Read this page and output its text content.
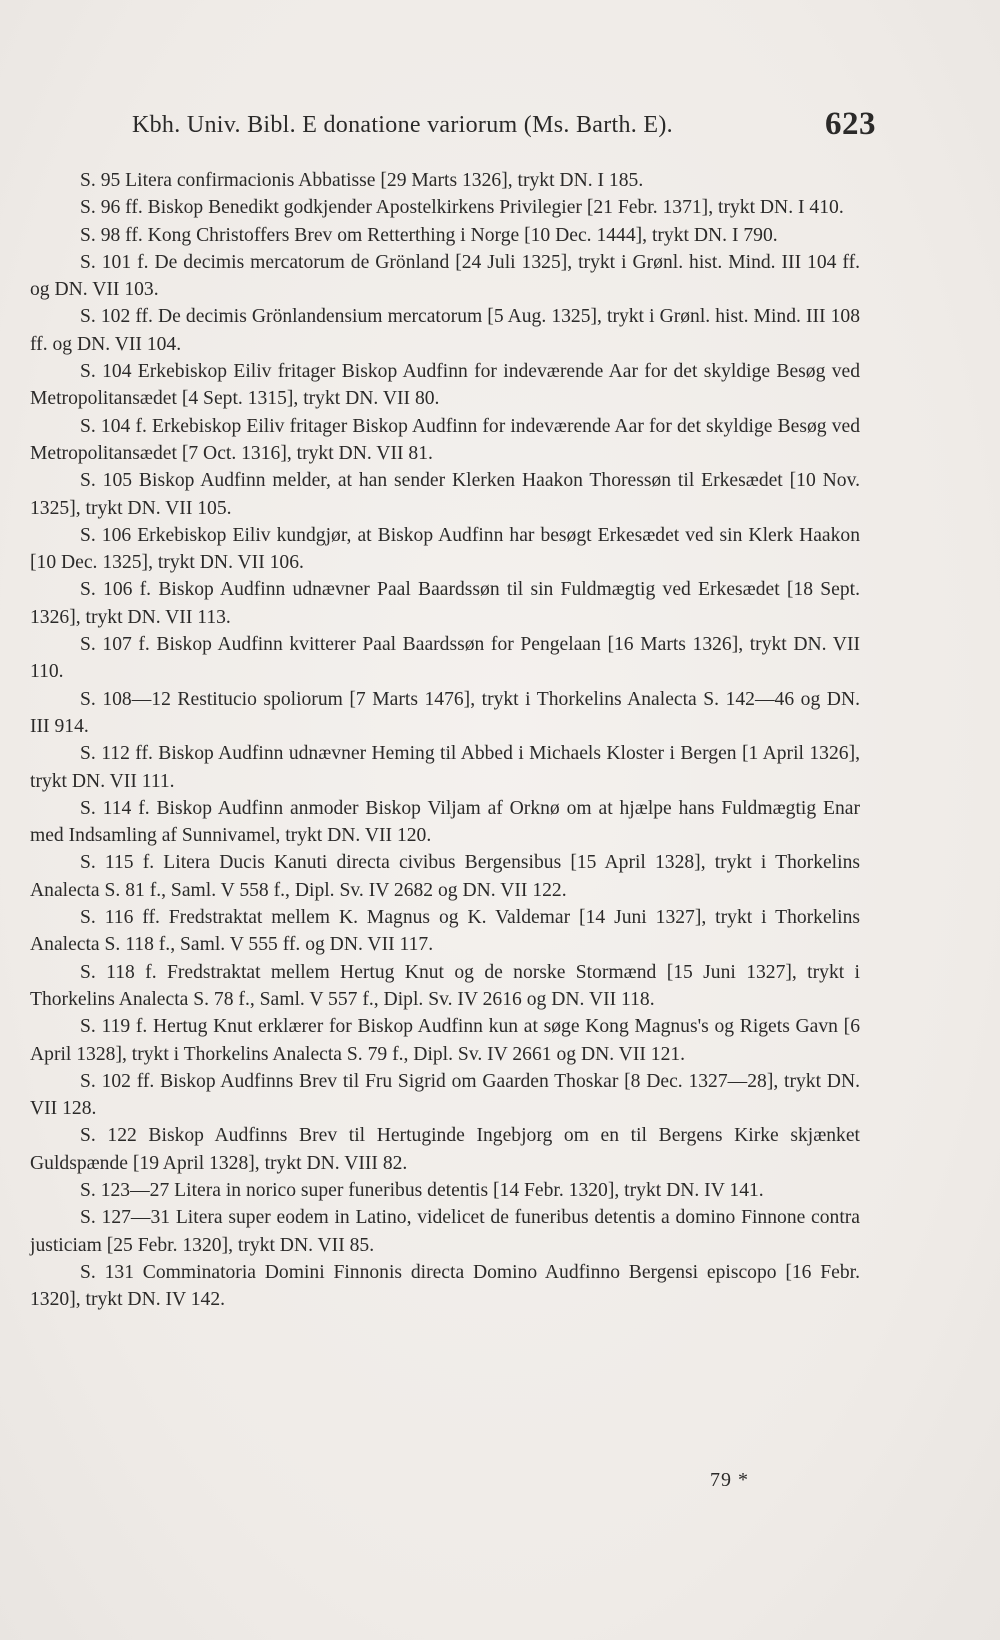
Kbh. Univ. Bibl. E donatione variorum (Ms. Barth. E).	623

S. 95 Litera confirmacionis Abbatisse [29 Marts 1326], trykt DN. I 185.

S. 96 ff. Biskop Benedikt godkjender Apostelkirkens Privilegier [21 Febr. 1371], trykt DN. I 410.

S. 98 ff. Kong Christoffers Brev om Retterthing i Norge [10 Dec. 1444], trykt DN. I 790.

S. 101 f. De decimis mercatorum de Grönland [24 Juli 1325], trykt i Grønl. hist. Mind. III 104 ff. og DN. VII 103.

S. 102 ff. De decimis Grönlandensium mercatorum [5 Aug. 1325], trykt i Grønl. hist. Mind. III 108 ff. og DN. VII 104.

S. 104 Erkebiskop Eiliv fritager Biskop Audfinn for indeværende Aar for det skyldige Besøg ved Metropolitansædet [4 Sept. 1315], trykt DN. VII 80.

S. 104 f. Erkebiskop Eiliv fritager Biskop Audfinn for indeværende Aar for det skyldige Besøg ved Metropolitansædet [7 Oct. 1316], trykt DN. VII 81.

S. 105 Biskop Audfinn melder, at han sender Klerken Haakon Thoressøn til Erkesædet [10 Nov. 1325], trykt DN. VII 105.

S. 106 Erkebiskop Eiliv kundgjør, at Biskop Audfinn har besøgt Erkesædet ved sin Klerk Haakon [10 Dec. 1325], trykt DN. VII 106.

S. 106 f. Biskop Audfinn udnævner Paal Baardssøn til sin Fuldmægtig ved Erkesædet [18 Sept. 1326], trykt DN. VII 113.

S. 107 f. Biskop Audfinn kvitterer Paal Baardssøn for Pengelaan [16 Marts 1326], trykt DN. VII 110.

S. 108—12 Restitucio spoliorum [7 Marts 1476], trykt i Thorkelins Analecta S. 142—46 og DN. III 914.

S. 112 ff. Biskop Audfinn udnævner Heming til Abbed i Michaels Kloster i Bergen [1 April 1326], trykt DN. VII 111.

S. 114 f. Biskop Audfinn anmoder Biskop Viljam af Orknø om at hjælpe hans Fuldmægtig Enar med Indsamling af Sunnivamel, trykt DN. VII 120.

S. 115 f. Litera Ducis Kanuti directa civibus Bergensibus [15 April 1328], trykt i Thorkelins Analecta S. 81 f., Saml. V 558 f., Dipl. Sv. IV 2682 og DN. VII 122.

S. 116 ff. Fredstraktat mellem K. Magnus og K. Valdemar [14 Juni 1327], trykt i Thorkelins Analecta S. 118 f., Saml. V 555 ff. og DN. VII 117.

S. 118 f. Fredstraktat mellem Hertug Knut og de norske Stormænd [15 Juni 1327], trykt i Thorkelins Analecta S. 78 f., Saml. V 557 f., Dipl. Sv. IV 2616 og DN. VII 118.

S. 119 f. Hertug Knut erklærer for Biskop Audfinn kun at søge Kong Magnus's og Rigets Gavn [6 April 1328], trykt i Thorkelins Analecta S. 79 f., Dipl. Sv. IV 2661 og DN. VII 121.

S. 102 ff. Biskop Audfinns Brev til Fru Sigrid om Gaarden Thoskar [8 Dec. 1327—28], trykt DN. VII 128.

S. 122 Biskop Audfinns Brev til Hertuginde Ingebjorg om en til Bergens Kirke skjænket Guldspænde [19 April 1328], trykt DN. VIII 82.

S. 123—27 Litera in norico super funeribus detentis [14 Febr. 1320], trykt DN. IV 141.

S. 127—31 Litera super eodem in Latino, videlicet de funeribus detentis a domino Finnone contra justiciam [25 Febr. 1320], trykt DN. VII 85.

S. 131 Comminatoria Domini Finnonis directa Domino Audfinno Bergensi episcopo [16 Febr. 1320], trykt DN. IV 142.

79 *
